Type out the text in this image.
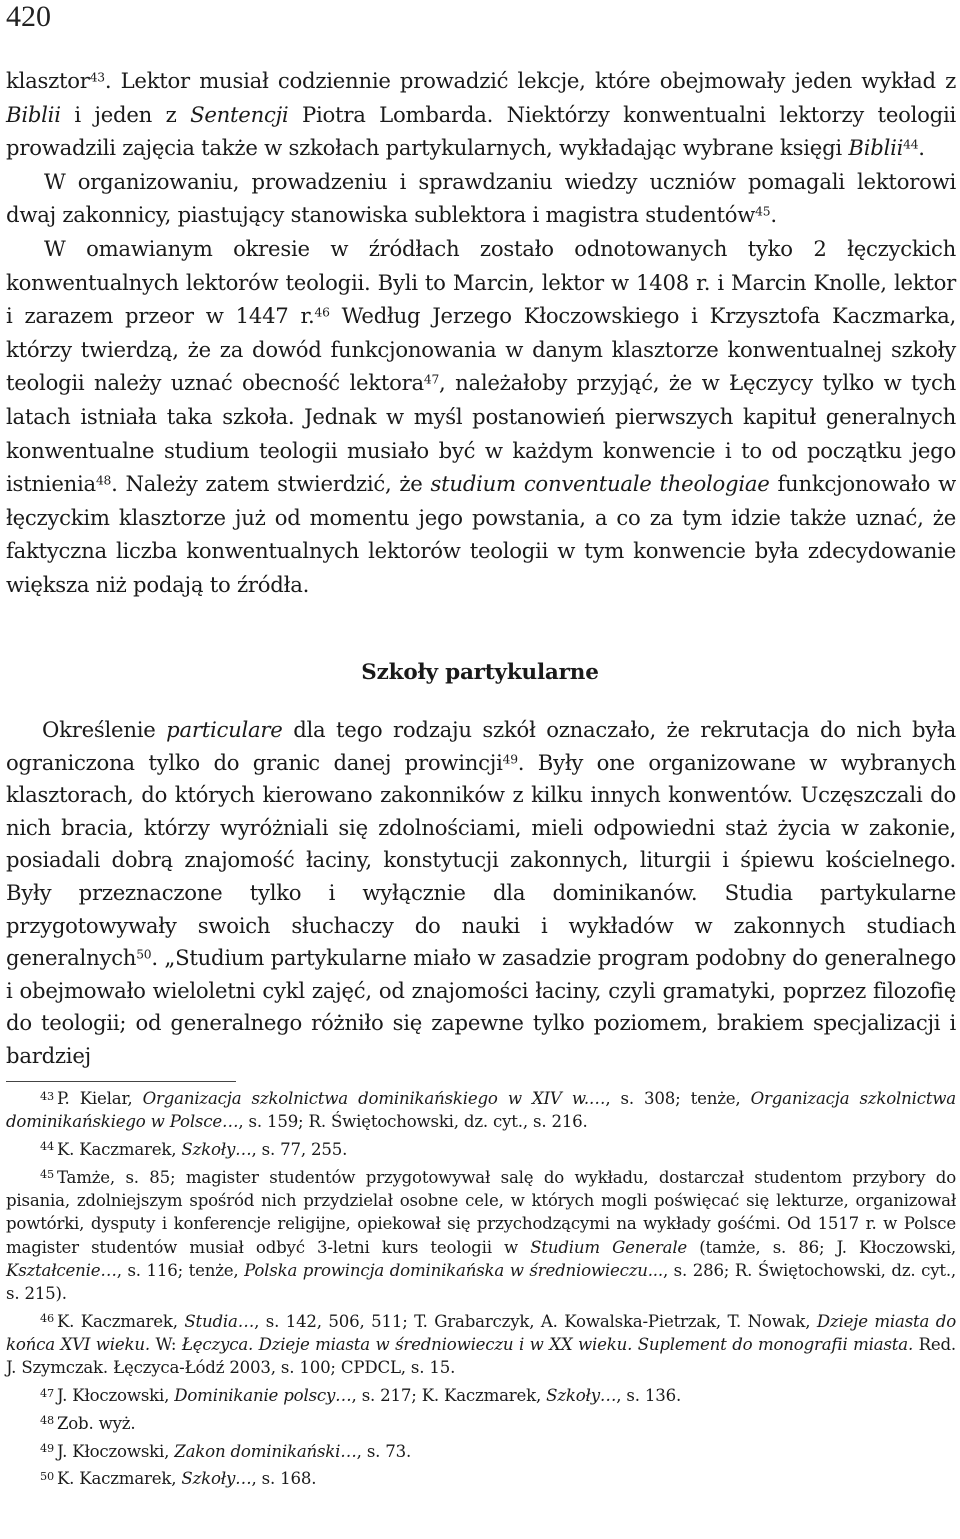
420

klasztor$^{43}$. Lektor musiał codziennie prowadzić lekcje, które obejmowały jeden wykład z Biblii i jeden z Sentencji Piotra Lombarda. Niektórzy konwentualni lektorzy teologii prowadzili zajęcia także w szkołach partykularnych, wykładając wybrane księgi Biblii$^{44}$.

W organizowaniu, prowadzeniu i sprawdzaniu wiedzy uczniów pomagali lektorowi dwaj zakonnicy, piastujący stanowiska sublektora i magistra studentów$^{45}$.

W omawianym okresie w źródłach zostało odnotowanych tyko 2 łęczyckich konwentualnych lektorów teologii. Byli to Marcin, lektor w 1408 r. i Marcin Knolle, lektor i zarazem przeor w 1447 r.$^{46}$ Według Jerzego Kłoczowskiego i Krzysztofa Kaczmarka, którzy twierdzą, że za dowód funkcjonowania w danym klasztorze konwentualnej szkoły teologii należy uznać obecność lektora$^{47}$, należałoby przyjąć, że w Łęczycy tylko w tych latach istniała taka szkoła. Jednak w myśl postanowień pierwszych kapituł generalnych konwentualne studium teologii musiało być w każdym konwencie i to od początku jego istnienia$^{48}$. Należy zatem stwierdzić, że studium conventuale theologiae funkcjonowało w łęczyckim klasztorze już od momentu jego powstania, a co za tym idzie także uznać, że faktyczna liczba konwentualnych lektorów teologii w tym konwencie była zdecydowanie większa niż podają to źródła.

Szkoły partykularne

Określenie particulare dla tego rodzaju szkół oznaczało, że rekrutacja do nich była ograniczona tylko do granic danej prowincji$^{49}$. Były one organizowane w wybranych klasztorach, do których kierowano zakonników z kilku innych konwentów. Uczęszczali do nich bracia, którzy wyróżniali się zdolnościami, mieli odpowiedni staż życia w zakonie, posiadali dobrą znajomość łaciny, konstytucji zakonnych, liturgii i śpiewu kościelnego. Były przeznaczone tylko i wyłącznie dla dominikanów. Studia partykularne przygotowywały swoich słuchaczy do nauki i wykładów w zakonnych studiach generalnych$^{50}$. „Studium partykularne miało w zasadzie program podobny do generalnego i obejmowało wieloletni cykl zajęć, od znajomości łaciny, czyli gramatyki, poprzez filozofię do teologii; od generalnego różniło się zapewne tylko poziomem, brakiem specjalizacji i bardziej

$^{43}$ P. Kielar, Organizacja szkolnictwa dominikańskiego w XIV w.…, s. 308; tenże, Organizacja szkolnictwa dominikańskiego w Polsce…, s. 159; R. Świętochowski, dz. cyt., s. 216.

$^{44}$ K. Kaczmarek, Szkoły…, s. 77, 255.

$^{45}$ Tamże, s. 85; magister studentów przygotowywał salę do wykładu, dostarczał studentom przybory do pisania, zdolniejszym spośród nich przydzielał osobne cele, w których mogli poświęcać się lekturze, organizował powtórki, dysputy i konferencje religijne, opiekował się przychodzącymi na wykłady gośćmi. Od 1517 r. w Polsce magister studentów musiał odbyć 3-letni kurs teologii w Studium Generale (tamże, s. 86; J. Kłoczowski, Kształcenie…, s. 116; tenże, Polska prowincja dominikańska w średniowieczu..., s. 286; R. Świętochowski, dz. cyt., s. 215).

$^{46}$ K. Kaczmarek, Studia…, s. 142, 506, 511; T. Grabarczyk, A. Kowalska-Pietrzak, T. Nowak, Dzieje miasta do końca XVI wieku. W: Łęczyca. Dzieje miasta w średniowieczu i w XX wieku. Suplement do monografii miasta. Red. J. Szymczak. Łęczyca-Łódź 2003, s. 100; CPDCL, s. 15.

$^{47}$ J. Kłoczowski, Dominikanie polscy…, s. 217; K. Kaczmarek, Szkoły…, s. 136.

$^{48}$ Zob. wyż.

$^{49}$ J. Kłoczowski, Zakon dominikański…, s. 73.

$^{50}$ K. Kaczmarek, Szkoły…, s. 168.
